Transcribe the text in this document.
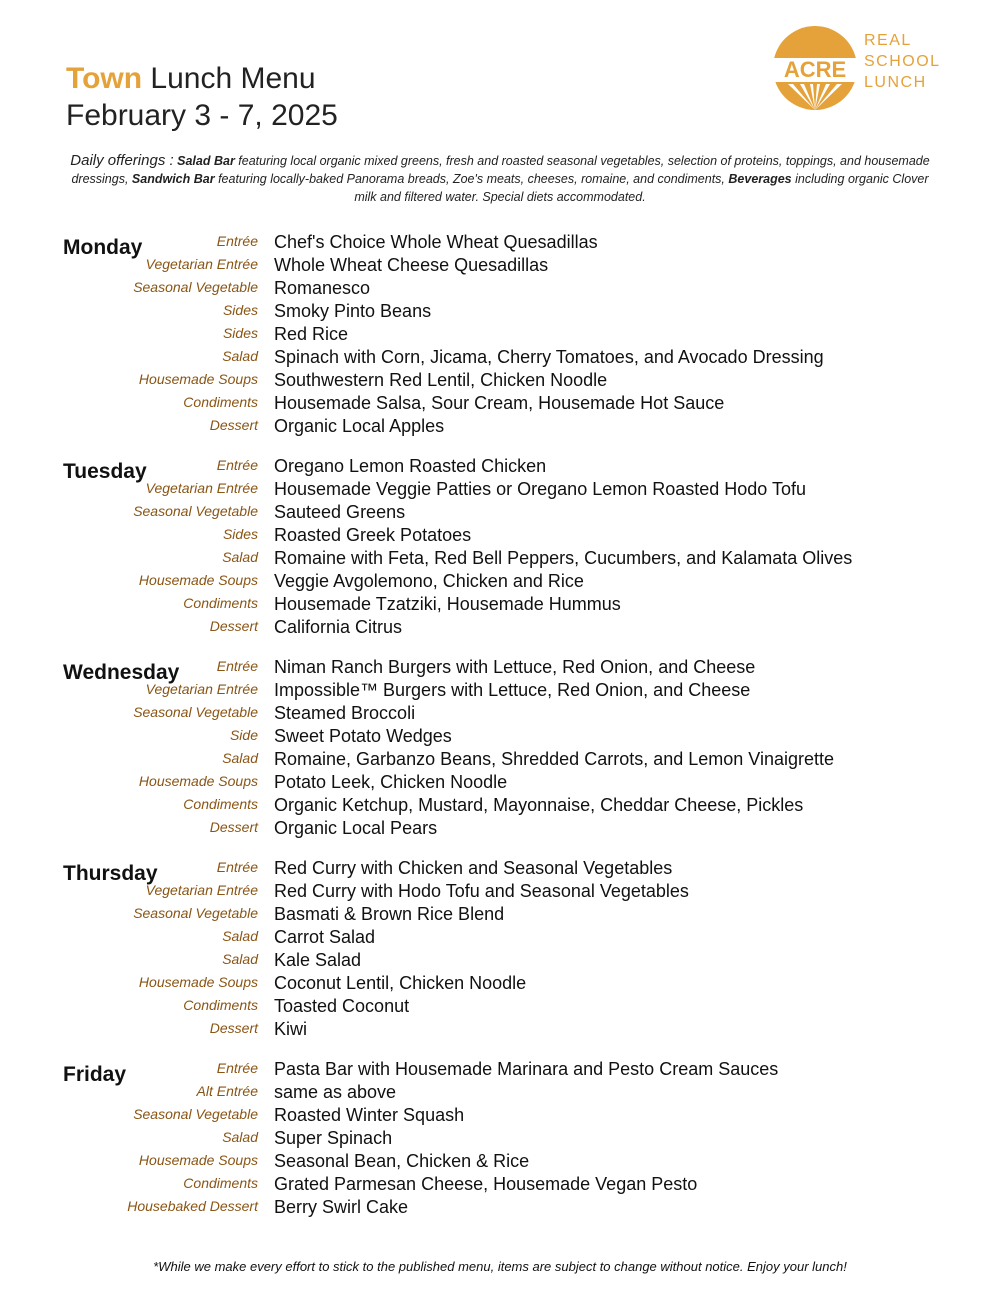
Town Lunch Menu
February 3 - 7, 2025
ACRE
REAL
SCHOOL
LUNCH
Daily offerings : Salad Bar featuring local organic mixed greens, fresh and roasted seasonal vegetables, selection of proteins, toppings, and housemade dressings, Sandwich Bar featuring locally-baked Panorama breads, Zoe's meats, cheeses, romaine, and condiments, Beverages including organic Clover milk and filtered water. Special diets accommodated.
Monday	Entrée Chef's Choice Whole Wheat Quesadillas
Vegetarian Entrée Whole Wheat Cheese Quesadillas
Seasonal Vegetable Romanesco
Sides Smoky Pinto Beans
Sides Red Rice
Salad Spinach with Corn, Jicama, Cherry Tomatoes, and Avocado Dressing
Housemade Soups Southwestern Red Lentil, Chicken Noodle
Condiments Housemade Salsa, Sour Cream, Housemade Hot Sauce
Dessert Organic Local Apples
Tuesday	Entrée Oregano Lemon Roasted Chicken
Vegetarian Entrée Housemade Veggie Patties or Oregano Lemon Roasted Hodo Tofu
Seasonal Vegetable Sauteed Greens
Sides Roasted Greek Potatoes
Salad Romaine with Feta, Red Bell Peppers, Cucumbers, and Kalamata Olives
Housemade Soups Veggie Avgolemono, Chicken and Rice
Condiments Housemade Tzatziki, Housemade Hummus
Dessert California Citrus
Wednesday	Entrée Niman Ranch Burgers with Lettuce, Red Onion, and Cheese
Vegetarian Entrée Impossible™ Burgers with Lettuce, Red Onion, and Cheese
Seasonal Vegetable Steamed Broccoli
Side Sweet Potato Wedges
Salad Romaine, Garbanzo Beans, Shredded Carrots, and Lemon Vinaigrette
Housemade Soups Potato Leek, Chicken Noodle
Condiments Organic Ketchup, Mustard, Mayonnaise, Cheddar Cheese, Pickles
Dessert Organic Local Pears
Thursday	Entrée Red Curry with Chicken and Seasonal Vegetables
Vegetarian Entrée Red Curry with Hodo Tofu and Seasonal Vegetables
Seasonal Vegetable Basmati & Brown Rice Blend
Salad Carrot Salad
Salad Kale Salad
Housemade Soups Coconut Lentil, Chicken Noodle
Condiments Toasted Coconut
Dessert Kiwi
Friday	Entrée Pasta Bar with Housemade Marinara and Pesto Cream Sauces
Alt Entrée same as above
Seasonal Vegetable Roasted Winter Squash
Salad Super Spinach
Housemade Soups Seasonal Bean, Chicken & Rice
Condiments Grated Parmesan Cheese, Housemade Vegan Pesto
Housebaked Dessert Berry Swirl Cake
*While we make every effort to stick to the published menu, items are subject to change without notice. Enjoy your lunch!
